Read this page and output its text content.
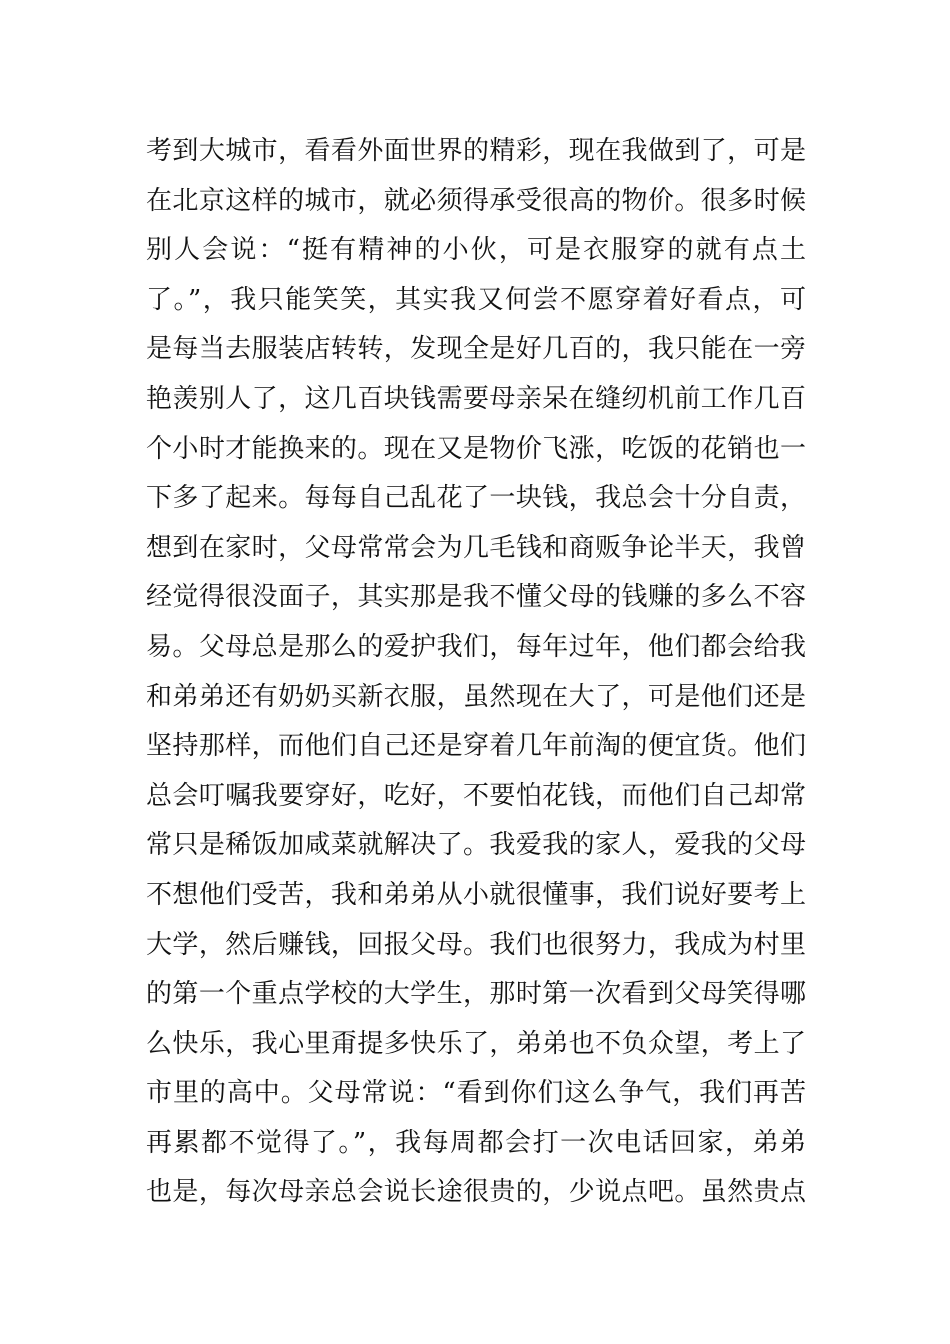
考到大城市，看看外面世界的精彩，现在我做到了，可是
在北京这样的城市，就必须得承受很高的物价。很多时候
别人会说：“挺有精神的小伙，可是衣服穿的就有点土
了。”，我只能笑笑，其实我又何尝不愿穿着好看点，可
是每当去服装店转转，发现全是好几百的，我只能在一旁
艳羡别人了，这几百块钱需要母亲呆在缝纫机前工作几百
个小时才能换来的。现在又是物价飞涨，吃饭的花销也一
下多了起来。每每自己乱花了一块钱，我总会十分自责，
想到在家时，父母常常会为几毛钱和商贩争论半天，我曾
经觉得很没面子，其实那是我不懂父母的钱赚的多么不容
易。父母总是那么的爱护我们，每年过年，他们都会给我
和弟弟还有奶奶买新衣服，虽然现在大了，可是他们还是
坚持那样，而他们自己还是穿着几年前淘的便宜货。他们
总会叮嘱我要穿好，吃好，不要怕花钱，而他们自己却常
常只是稀饭加咸菜就解决了。我爱我的家人，爱我的父母
不想他们受苦，我和弟弟从小就很懂事，我们说好要考上
大学，然后赚钱，回报父母。我们也很努力，我成为村里
的第一个重点学校的大学生，那时第一次看到父母笑得哪
么快乐，我心里甭提多快乐了，弟弟也不负众望，考上了
市里的高中。父母常说：“看到你们这么争气，我们再苦
再累都不觉得了。”，我每周都会打一次电话回家，弟弟
也是，每次母亲总会说长途很贵的，少说点吧。虽然贵点
